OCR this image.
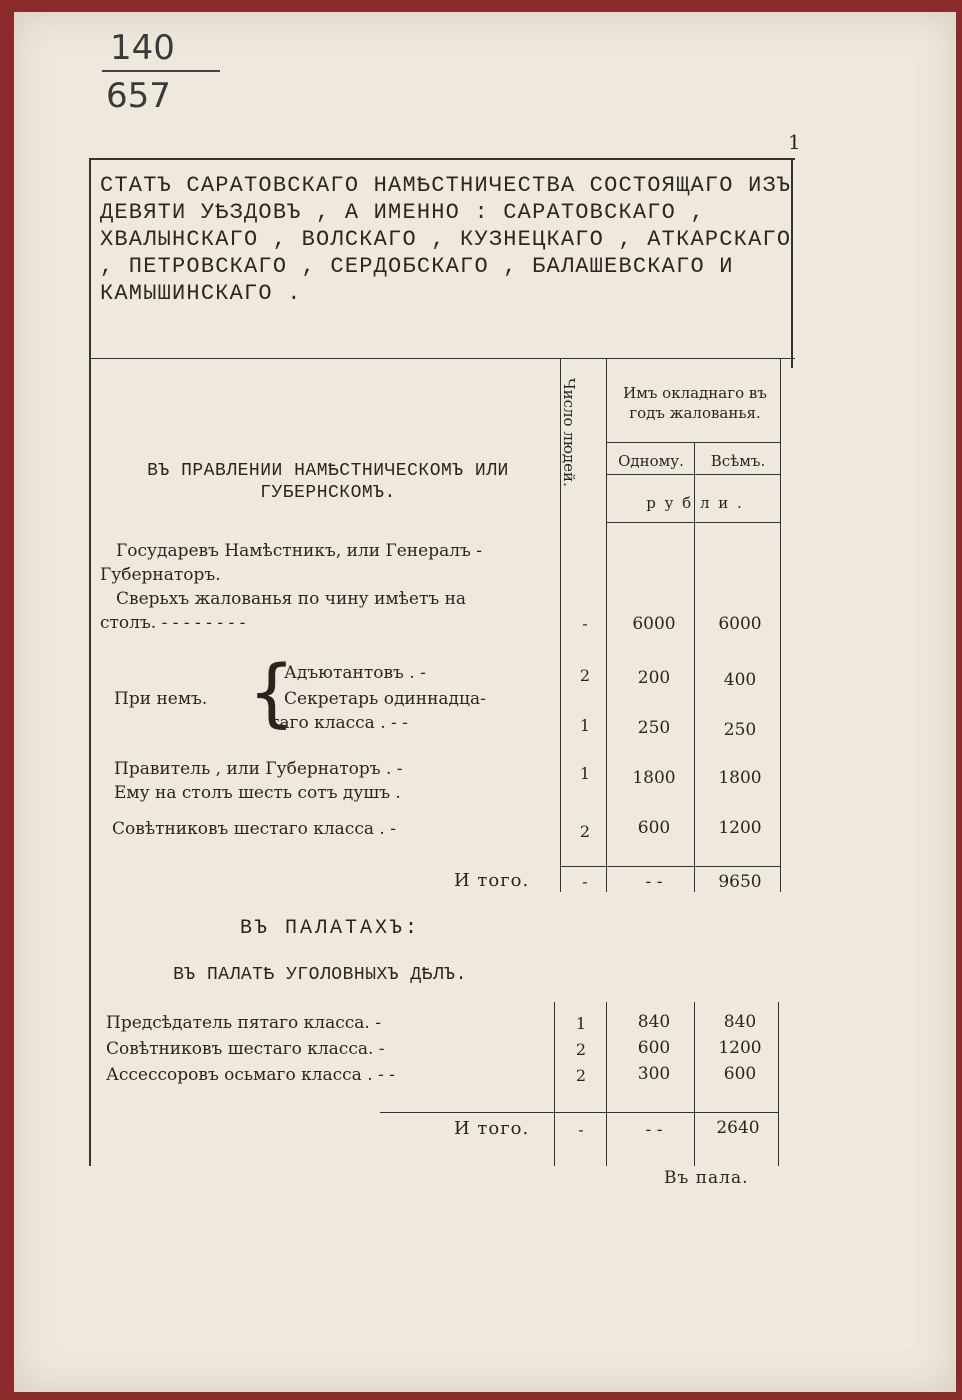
140
657
1
СТАТЪ САРАТОВСКАГО НАМѢСТНИЧЕСТВА СОСТОЯЩАГО ИЗЪ ДЕВЯТИ УѢЗДОВЪ , А ИМЕННО : САРАТОВСКАГО , ХВАЛЫНСКАГО , ВОЛСКАГО , КУЗНЕЦКАГО , АТКАРСКАГО , ПЕТРОВСКАГО , СЕРДОБСКАГО , БАЛАШЕВСКАГО И КАМЫШИНСКАГО .
Число людей.	Имъ окладнаго въ
годъ жалованья.
Одному.	Всѣмъ.
р у б л и .
ВЪ ПРАВЛЕНИИ НАМѢСТНИЧЕСКОМЪ ИЛИ
ГУБЕРНСКОМЪ.
Государевъ Намѣстникъ, или Генералъ -
Губернаторъ.
Сверьхъ жалованья по чину имѣетъ на
столъ. - - - - - - - -	-	6000	6000
При немъ. {
Адъютантовъ . -	2	200	400
Секретарь одиннадца-
таго класса . - -	1	250	250
Правитель , или Губернаторъ . -
Ему на столъ шесть сотъ душъ .
1	1800	1800
Совѣтниковъ шестаго класса . -	2	600	1200
И того.	-	- -	9650
ВЪ ПАЛАТАХЪ:
ВЪ ПАЛАТѢ УГОЛОВНЫХЪ ДѢЛЪ.
Предсѣдатель пятаго класса. -	1	840	840
Совѣтниковъ шестаго класса. -	2	600	1200
Ассессоровъ осьмаго класса . - -	2	300	600
И того.	-	- -	2640
Въ пала.
